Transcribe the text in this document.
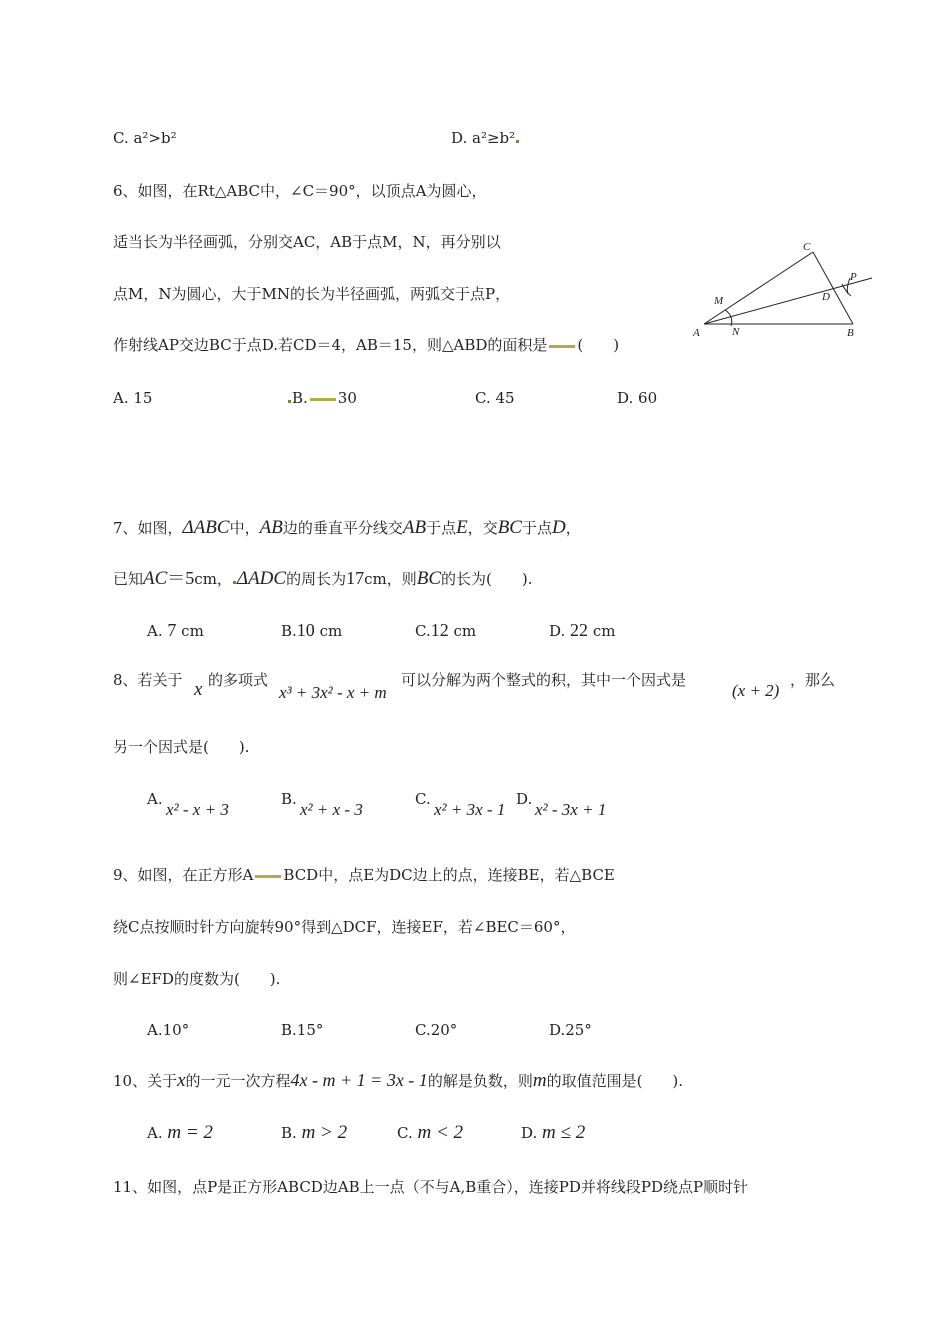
C. a²>b²	D. a²≥b²
6、如图，在Rt△ABC中，∠C＝90°，以顶点A为圆心，
适当长为半径画弧，分别交AC，AB于点M，N，再分别以
点M，N为圆心，大于MN的长为半径画弧，两弧交于点P，
作射线AP交边BC于点D.若CD＝4，AB＝15，则△ABD的面积是 (　　)
A	B
C
D
M
N
P
A. 15	B. 30	C. 45	D. 60
7、如图，ΔABC中，AB边的垂直平分线交AB于点E，交BC于点D，
已知AC＝5cm， ΔADC的周长为17cm，则BC的长为(　　).
A. 7 cm	B.10 cm	C.12 cm	D. 22 cm
8、若关于 x 的多项式
x³ + 3x² - x + m
可以分解为两个整式的积，其中一个因式是
(x + 2)
，那么
另一个因式是(　　).
A.
x² - x + 3
B.
x² + x - 3
C.
x² + 3x - 1
D.
x² - 3x + 1
9、如图，在正方形A BCD中，点E为DC边上的点，连接BE，若△BCE
绕C点按顺时针方向旋转90°得到△DCF，连接EF，若∠BEC＝60°，
则∠EFD的度数为(　　).
A.10°	B.15°	C.20°	D.25°
10、关于x的一元一次方程4x - m + 1 = 3x - 1的解是负数，则m的取值范围是(　　).
A. m = 2	B. m > 2	C. m < 2	D. m ≤ 2
11、如图，点P是正方形ABCD边AB上一点（不与A,B重合），连接PD并将线段PD绕点P顺时针
